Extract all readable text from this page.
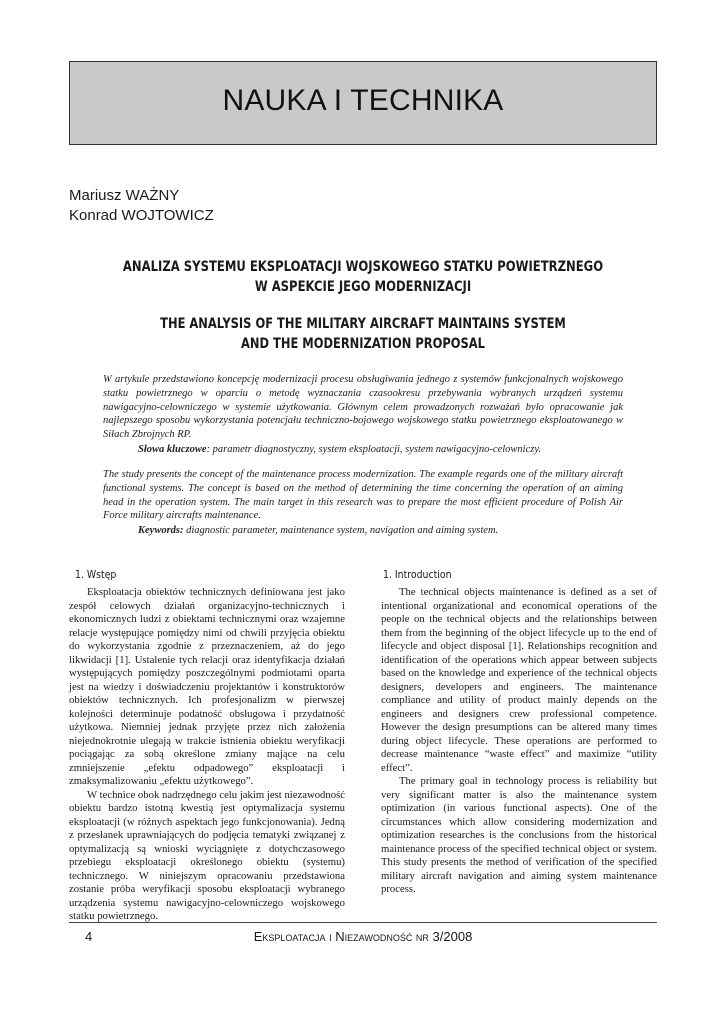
NAUKA I TECHNIKA
Mariusz WAŻNY
Konrad WOJTOWICZ
ANALIZA SYSTEMU EKSPLOATACJI WOJSKOWEGO STATKU POWIETRZNEGO
W ASPEKCIE JEGO MODERNIZACJI
THE ANALYSIS OF THE MILITARY AIRCRAFT MAINTAINS SYSTEM
AND THE MODERNIZATION PROPOSAL
W artykule przedstawiono koncepcję modernizacji procesu obsługiwania jednego z systemów funkcjonalnych wojskowego statku powietrznego w oparciu o metodę wyznaczania czasookresu przebywania wybranych urządzeń systemu nawigacyjno-celowniczego w systemie użytkowania. Głównym celem prowadzonych rozważań było opracowanie jak najlepszego sposobu wykorzystania potencjału techniczno-bojowego wojskowego statku powietrznego eksploatowanego w Siłach Zbrojnych RP.
Słowa kluczowe: parametr diagnostyczny, system eksploatacji, system nawigacyjno-celowniczy.
The study presents the concept of the maintenance process modernization. The example regards one of the military aircraft functional systems. The concept is based on the method of determining the time concerning the operation of an aiming head in the operation system. The main target in this research was to prepare the most efficient procedure of Polish Air Force military aircrafts maintenance.
Keywords: diagnostic parameter, maintenance system, navigation and aiming system.
1. Wstęp	1. Introduction

Eksploatacja obiektów technicznych definiowana jest jako zespół celowych działań organizacyjno-technicznych i ekonomicznych ludzi z obiektami technicznymi oraz wzajemne relacje występujące pomiędzy nimi od chwili przyjęcia obiektu do wykorzystania zgodnie z przeznaczeniem, aż do jego likwidacji [1]. Ustalenie tych relacji oraz identyfikacja działań występujących pomiędzy poszczególnymi podmiotami oparta jest na wiedzy i doświadczeniu projektantów i konstruktorów obiektów technicznych. Ich profesjonalizm w pierwszej kolejności determinuje podatność obsługowa i przydatność użytkowa. Niemniej jednak przyjęte przez nich założenia niejednokrotnie ulegają w trakcie istnienia obiektu weryfikacji pociągając za sobą określone zmiany mające na celu zmniejszenie „efektu odpadowego” eksploatacji i zmaksymalizowaniu „efektu użytkowego”.

W technice obok nadrzędnego celu jakim jest niezawodność obiektu bardzo istotną kwestią jest optymalizacja systemu eksploatacji (w różnych aspektach jego funkcjonowania). Jedną z przesłanek uprawniających do podjęcia tematyki związanej z optymalizacją są wnioski wyciągnięte z dotychczasowego przebiegu eksploatacji określonego obiektu (systemu) technicznego. W niniejszym opracowaniu przedstawiona zostanie próba weryfikacji sposobu eksploatacji wybranego urządzenia systemu nawigacyjno-celowniczego wojskowego statku powietrznego.

The technical objects maintenance is defined as a set of intentional organizational and economical operations of the people on the technical objects and the relationships between them from the beginning of the object lifecycle up to the end of lifecycle and object disposal [1]. Relationships recognition and identification of the operations which appear between subjects based on the knowledge and experience of the technical objects designers, developers and engineers. The maintenance compliance and utility of product mainly depends on the engineers and designers crew professional competence. However the design presumptions can be altered many times during object lifecycle. These operations are performed to decrease maintenance “waste effect” and maximize “utility effect”.

The primary goal in technology process is reliability but very significant matter is also the maintenance system optimization (in various functional aspects). One of the circumstances which allow considering modernization and optimization researches is the conclusions from the historical maintenance process of the specified technical object or system. This study presents the method of verification of the specified military aircraft navigation and aiming system maintenance process.

4	Eksploatacja i Niezawodność nr 3/2008
